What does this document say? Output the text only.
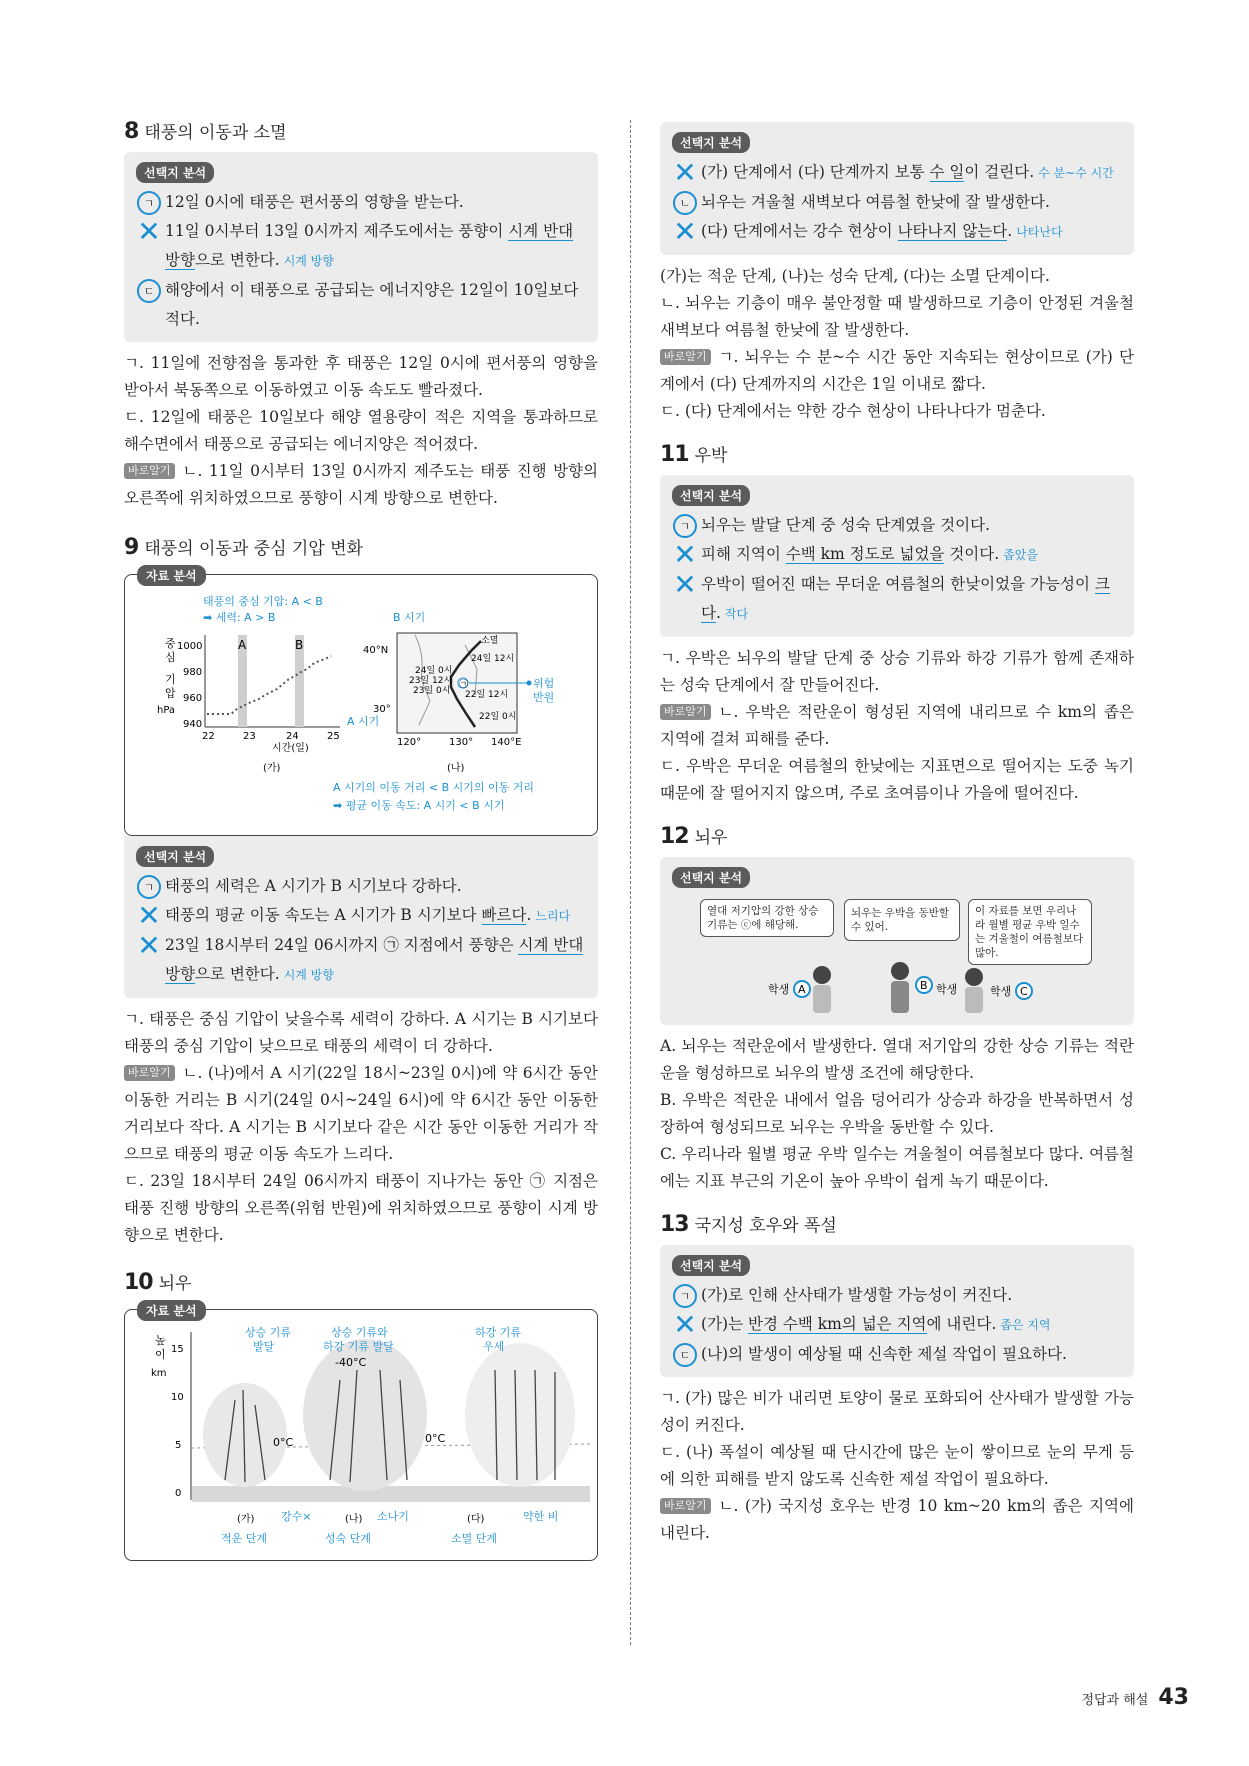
8 태풍의 이동과 소멸
선택지 분석
ㄱ 12일 0시에 태풍은 편서풍의 영향을 받는다.
✕ 11일 0시부터 13일 0시까지 제주도에서는 풍향이 시계 반대 방향으로 변한다. 시계 방향
ㄷ 해양에서 이 태풍으로 공급되는 에너지양은 12일이 10일보다 적다.

ㄱ. 11일에 전향점을 통과한 후 태풍은 12일 0시에 편서풍의 영향을 받아서 북동쪽으로 이동하였고 이동 속도도 빨라졌다.

ㄷ. 12일에 태풍은 10일보다 해양 열용량이 적은 지역을 통과하므로 해수면에서 태풍으로 공급되는 에너지양은 적어졌다.

바로알기 ㄴ. 11일 0시부터 13일 0시까지 제주도는 태풍 진행 방향의 오른쪽에 위치하였으므로 풍향이 시계 방향으로 변한다.

9 태풍의 이동과 중심 기압 변화
자료 분석
태풍의 중심 기압: A < B
➡ 세력: A > B
중
심
기
압
hPa
1000
980
960
940
A	B
22	23	24	25
시간(일)
(가)
B 시기
40°N
30°
120°	130° 140°E
소멸
24일 12시
24일 0시
23일 12시
23일 0시 22일 12시
22일 0시
㉠	위험
반원
A 시기
(나)
A 시기의 이동 거리 < B 시기의 이동 거리
➡ 평균 이동 속도: A 시기 < B 시기
선택지 분석
ㄱ 태풍의 세력은 A 시기가 B 시기보다 강하다.
✕ 태풍의 평균 이동 속도는 A 시기가 B 시기보다 빠르다. 느리다
✕ 23일 18시부터 24일 06시까지 ㉠ 지점에서 풍향은 시계 반대 방향으로 변한다. 시계 방향

ㄱ. 태풍은 중심 기압이 낮을수록 세력이 강하다. A 시기는 B 시기보다 태풍의 중심 기압이 낮으므로 태풍의 세력이 더 강하다.

바로알기 ㄴ. (나)에서 A 시기(22일 18시~23일 0시)에 약 6시간 동안 이동한 거리는 B 시기(24일 0시~24일 6시)에 약 6시간 동안 이동한 거리보다 작다. A 시기는 B 시기보다 같은 시간 동안 이동한 거리가 작으므로 태풍의 평균 이동 속도가 느리다.

ㄷ. 23일 18시부터 24일 06시까지 태풍이 지나가는 동안 ㉠ 지점은 태풍 진행 방향의 오른쪽(위험 반원)에 위치하였으므로 풍향이 시계 방향으로 변한다.

10 뇌우
자료 분석
높
이
km
15
10
5
0
상승 기류
발달
상승 기류와
하강 기류 발달
-40°C
하강 기류
우세
0°C	0°C
(가)	(나)	(다)
강수×	소나기	약한 비
적운 단계	성숙 단계	소멸 단계
선택지 분석
✕ (가) 단계에서 (다) 단계까지 보통 수 일이 걸린다. 수 분~수 시간
ㄴ 뇌우는 겨울철 새벽보다 여름철 한낮에 잘 발생한다.
✕ (다) 단계에서는 강수 현상이 나타나지 않는다. 나타난다

(가)는 적운 단계, (나)는 성숙 단계, (다)는 소멸 단계이다.

ㄴ. 뇌우는 기층이 매우 불안정할 때 발생하므로 기층이 안정된 겨울철 새벽보다 여름철 한낮에 잘 발생한다.

바로알기 ㄱ. 뇌우는 수 분~수 시간 동안 지속되는 현상이므로 (가) 단계에서 (다) 단계까지의 시간은 1일 이내로 짧다.

ㄷ. (다) 단계에서는 약한 강수 현상이 나타나다가 멈춘다.

11 우박
선택지 분석
ㄱ 뇌우는 발달 단계 중 성숙 단계였을 것이다.
✕ 피해 지역이 수백 km 정도로 넓었을 것이다. 좁았을
✕ 우박이 떨어진 때는 무더운 여름철의 한낮이었을 가능성이 크다. 작다

ㄱ. 우박은 뇌우의 발달 단계 중 상승 기류와 하강 기류가 함께 존재하는 성숙 단계에서 잘 만들어진다.

바로알기 ㄴ. 우박은 적란운이 형성된 지역에 내리므로 수 km의 좁은 지역에 걸쳐 피해를 준다.

ㄷ. 우박은 무더운 여름철의 한낮에는 지표면으로 떨어지는 도중 녹기 때문에 잘 떨어지지 않으며, 주로 초여름이나 가을에 떨어진다.

12 뇌우
선택지 분석
열대 저기압의 강한 상승 기류는 ⓒ에 해당해.
뇌우는 우박을 동반할 수 있어.
이 자료를 보면 우리나라 월별 평균 우박 일수는 겨울철이 여름철보다 많아.
학생 A	B 학생	학생 C

A. 뇌우는 적란운에서 발생한다. 열대 저기압의 강한 상승 기류는 적란운을 형성하므로 뇌우의 발생 조건에 해당한다.

B. 우박은 적란운 내에서 얼음 덩어리가 상승과 하강을 반복하면서 성장하여 형성되므로 뇌우는 우박을 동반할 수 있다.

C. 우리나라 월별 평균 우박 일수는 겨울철이 여름철보다 많다. 여름철에는 지표 부근의 기온이 높아 우박이 쉽게 녹기 때문이다.

13 국지성 호우와 폭설
선택지 분석
ㄱ (가)로 인해 산사태가 발생할 가능성이 커진다.
✕ (가)는 반경 수백 km의 넓은 지역에 내린다. 좁은 지역
ㄷ (나)의 발생이 예상될 때 신속한 제설 작업이 필요하다.

ㄱ. (가) 많은 비가 내리면 토양이 물로 포화되어 산사태가 발생할 가능성이 커진다.

ㄷ. (나) 폭설이 예상될 때 단시간에 많은 눈이 쌓이므로 눈의 무게 등에 의한 피해를 받지 않도록 신속한 제설 작업이 필요하다.

바로알기 ㄴ. (가) 국지성 호우는 반경 10 km~20 km의 좁은 지역에 내린다.

정답과 해설 43
